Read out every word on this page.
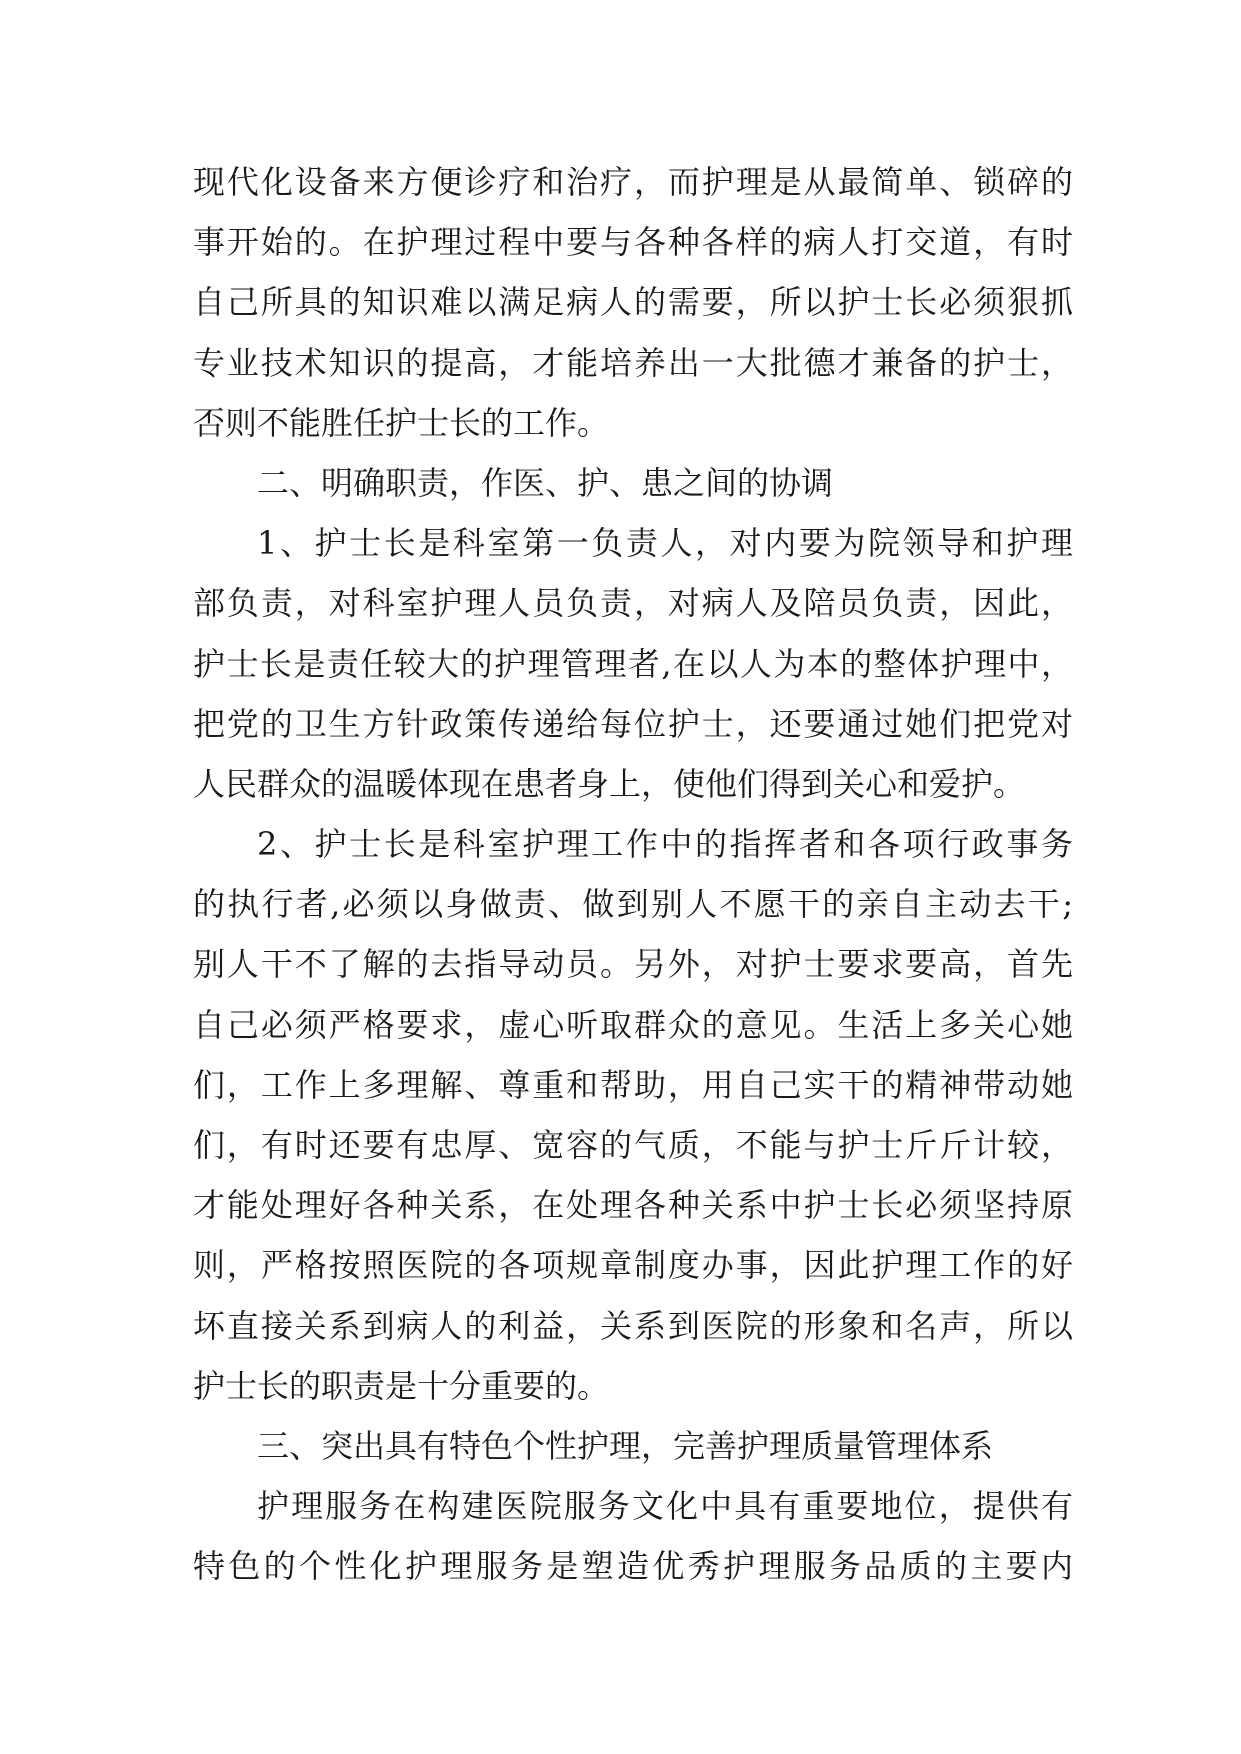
现代化设备来方便诊疗和治疗，而护理是从最简单、锁碎的
事开始的。在护理过程中要与各种各样的病人打交道，有时
自己所具的知识难以满足病人的需要，所以护士长必须狠抓
专业技术知识的提高，才能培养出一大批德才兼备的护士，
否则不能胜任护士长的工作。
二、明确职责，作医、护、患之间的协调
1、护士长是科室第一负责人，对内要为院领导和护理
部负责，对科室护理人员负责，对病人及陪员负责，因此，
护士长是责任较大的护理管理者,在以人为本的整体护理中，
把党的卫生方针政策传递给每位护士，还要通过她们把党对
人民群众的温暖体现在患者身上，使他们得到关心和爱护。
2、护士长是科室护理工作中的指挥者和各项行政事务
的执行者,必须以身做责、做到别人不愿干的亲自主动去干;
别人干不了解的去指导动员。另外，对护士要求要高，首先
自己必须严格要求，虚心听取群众的意见。生活上多关心她
们，工作上多理解、尊重和帮助，用自己实干的精神带动她
们，有时还要有忠厚、宽容的气质，不能与护士斤斤计较，
才能处理好各种关系，在处理各种关系中护士长必须坚持原
则，严格按照医院的各项规章制度办事，因此护理工作的好
坏直接关系到病人的利益，关系到医院的形象和名声，所以
护士长的职责是十分重要的。
三、突出具有特色个性护理，完善护理质量管理体系
护理服务在构建医院服务文化中具有重要地位，提供有
特色的个性化护理服务是塑造优秀护理服务品质的主要内
